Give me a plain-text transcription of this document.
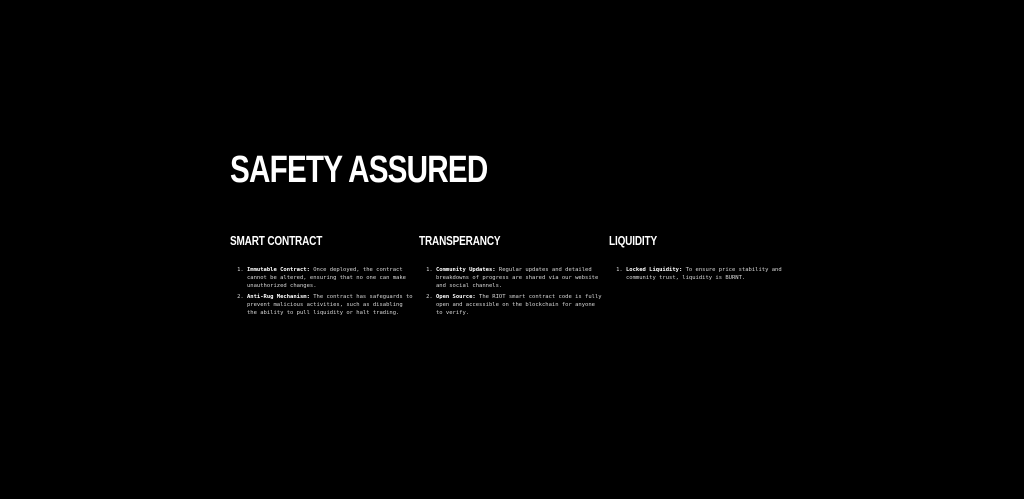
SAFETY ASSURED
SMART CONTRACT
1. Immutable Contract: Once deployed, the contract cannot be altered, ensuring that no one can make unauthorized changes.
2. Anti-Rug Mechanism: The contract has safeguards to prevent malicious activities, such as disabling the ability to pull liquidity or halt trading.
TRANSPERANCY
1. Community Updates: Regular updates and detailed breakdowns of progress are shared via our website and social channels.
2. Open Source: The RIOT smart contract code is fully open and accessible on the blockchain for anyone to verify.
LIQUIDITY
1. Locked Liquidity: To ensure price stability and community trust, liquidity is BURNT.
